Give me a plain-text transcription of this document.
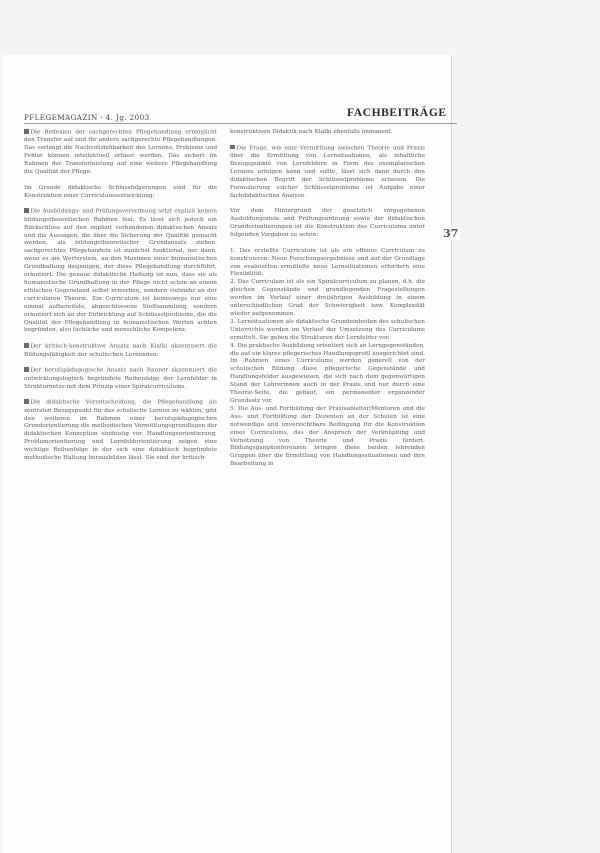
PFLEGEMAGAZIN · 4. Jg. 2003	FACHBEITRÄGE
37

Die Reflexion der sachgerechten Pflegehandlung ermöglicht den Transfer auf und für andere sachgerechte Pflegehandlungen. Das verlangt die Nachvollziehbarkeit des Lernens, Probleme und Fehler können intellektuell erfasst werden. Das sichert im Rahmen der Transferleistung auf eine weitere Pflegehandlung die Qualität der Pflege.

Im Grunde didaktische Schlussfolgerungen sind für die Konstruktion einer Curriculumsentwicklung:

Die Ausbildungs- und Prüfungsverordnung setzt explizit keinen bildungstheoretischen Rahmen fest. Es lässt sich jedoch ein Rückschluss auf den implizit vorhandenen didaktischen Ansatz und die Aussagen, die über die Sicherung der Qualität gemacht werden, als bildungstheoretischer Grundansatz ziehen: sachgerechtes Pflegehandeln ist zunächst funktional, nur dann, wenn es am Wertsystem, an den Maximen einer humanistischen Grundhaltung desjenigen, der diese Pflegehandlung durchführt, orientiert. Die genaue didaktische Haltung ist nun, dass sie als humanistische Grundhaltung in der Pflege nicht schon an einem ethischen Gegenstand selbst erwerben, sondern vielmehr an der curricularen Theorie. Ein Curriculum ist keineswegs nur eine einmal aufbereitete, abgeschlossene Stoffsammlung, sondern orientiert sich an der Entwicklung auf Schlüsselprobleme, die die Qualität der Pflegehandlung in humanistischen Werten achten begründen, also fachliche und menschliche Kompetenz.

Der kritisch-konstruktive Ansatz nach Klafki akzentuiert die Bildungsfähigkeit der schulischen Lernenden.

Der berufspädagogische Ansatz nach Rauner akzentuiert die entwicklungslogisch begründete Reihenfolge der Lernfelder in Strukturnetze mit dem Prinzip einer Spiralcurriculums.

Die didaktische Vorentscheidung, die Pflegehandlung als zentralen Bezugspunkt für das schulische Lernen zu wählen, gibt den weiteren im Rahmen einer berufspädagogischen Grundorientierung die methodischen Vermittlungsgrundlagen der didaktischen Konzeption eindeutig vor. Handlungsorientierung, Problemorientierung und Lernfeldorientierung zeigen eine wichtige Reihenfolge in der sich eine didaktisch begründete methodische Haltung herausbilden lässt. Sie sind der kritisch-

konstruktiven Didaktik nach Klafki ebenfalls immanent.

Die Frage, wie eine Vermittlung zwischen Theorie und Praxis über die Ermittlung von Lernsituationen, als inhaltliche Bezugspunkte von Lernfeldern in Form des exemplarischen Lernens erfolgen kann und sollte, lässt sich dann durch den didaktischen Begriff der Schlüsselprobleme erfassen. Die Formulierung solcher Schlüsselprobleme ist Aufgabe einer fachdidaktischen Analyse.

Vor dem Hintergrund der gesetzlich vorgegebenen Ausbildungsziele und Prüfungsordnung sowie der didaktischen Grundorientierungen ist die Konstruktion des Curriculums unter folgenden Vorgaben zu sehen:

1. Das erstellte Curriculum ist als ein offenes Curriculum zu konstruieren. Neue Forschungsergebnisse und auf der Grundlage von evaluierten ermittelte neue Lernsituationen erfordern eine Flexibilität.

2. Das Curriculum ist als ein Spiralcurriculum zu planen, d.h. die gleichen Gegenstände und grundlegenden Fragestellungen werden im Verlauf einer dreijährigen Ausbildung in einem unterschiedlichen Grad der Schwierigkeit bzw. Komplexität wieder aufgenommen.

3. Lernsituationen als didaktische Grundeinheiten des schulischen Unterrichts werden im Verlauf der Umsetzung des Curriculums ermittelt. Sie geben die Strukturen der Lernfelder vor.

4. Die praktische Ausbildung orientiert sich an Lerngegenständen, die auf ein klares pflegerisches Handlungsprofil ausgerichtet sind. Im Rahmen eines Curriculums werden generell von der schulischen Bildung diese pflegerische Gegenstände und Handlungsfelder ausgewiesen, die sich nach dem gegenwärtigen Stand der Lehrerinnen auch in der Praxis und nur durch eine Theorie-Seite, die gebaut, ein permanenter ergänzender Grundsatz vor.

5. Die Aus- und Fortbildung der Praxisanleiter/Mentoren und die Aus- und Fortbildung der Dozenten an der Schulen ist eine notwendige und unverzichtbare Bedingung für die Konstruktion eines Curriculums, das der Anspruch der Verknüpfung und Vernetzung von Theorie und Praxis fordert. Bildungsgangkonferenzen bringen diese beiden lehrenden Gruppen über die Ermittlung von Handlungssituationen und ihre Bearbeitung in
